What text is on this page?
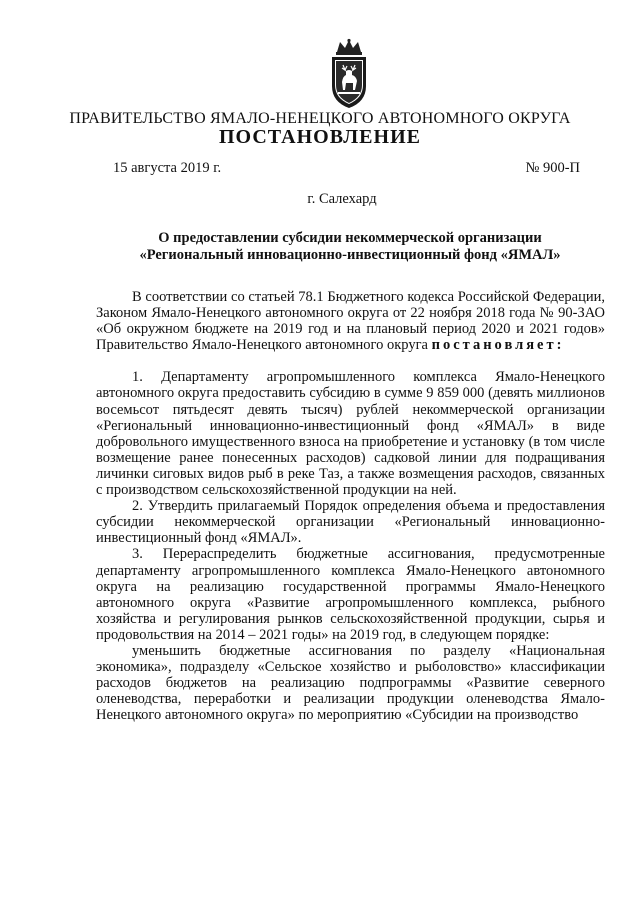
ПРАВИТЕЛЬСТВО ЯМАЛО-НЕНЕЦКОГО АВТОНОМНОГО ОКРУГА
ПОСТАНОВЛЕНИЕ
15 августа 2019 г.	№ 900-П
г. Салехард
О предоставлении субсидии некоммерческой организации
«Региональный инновационно-инвестиционный фонд «ЯМАЛ»

В соответствии со статьей 78.1 Бюджетного кодекса Российской Федерации, Законом Ямало-Ненецкого автономного округа от 22 ноября 2018 года № 90-ЗАО «Об окружном бюджете на 2019 год и на плановый период 2020 и 2021 годов» Правительство Ямало-Ненецкого автономного округа постановляет:

1. Департаменту агропромышленного комплекса Ямало-Ненецкого автономного округа предоставить субсидию в сумме 9 859 000 (девять миллионов восемьсот пятьдесят девять тысяч) рублей некоммерческой организации «Региональный инновационно-инвестиционный фонд «ЯМАЛ» в виде добровольного имущественного взноса на приобретение и установку (в том числе возмещение ранее понесенных расходов) садковой линии для подращивания личинки сиговых видов рыб в реке Таз, а также возмещения расходов, связанных с производством сельскохозяйственной продукции на ней.

2. Утвердить прилагаемый Порядок определения объема и предоставления субсидии некоммерческой организации «Региональный инновационно-инвестиционный фонд «ЯМАЛ».

3. Перераспределить бюджетные ассигнования, предусмотренные департаменту агропромышленного комплекса Ямало-Ненецкого автономного округа на реализацию государственной программы Ямало-Ненецкого автономного округа «Развитие агропромышленного комплекса, рыбного хозяйства и регулирования рынков сельскохозяйственной продукции, сырья и продовольствия на 2014 – 2021 годы» на 2019 год, в следующем порядке:

уменьшить бюджетные ассигнования по разделу «Национальная экономика», подразделу «Сельское хозяйство и рыболовство» классификации расходов бюджетов на реализацию подпрограммы «Развитие северного оленеводства, переработки и реализации продукции оленеводства Ямало-Ненецкого автономного округа» по мероприятию «Субсидии на производство
